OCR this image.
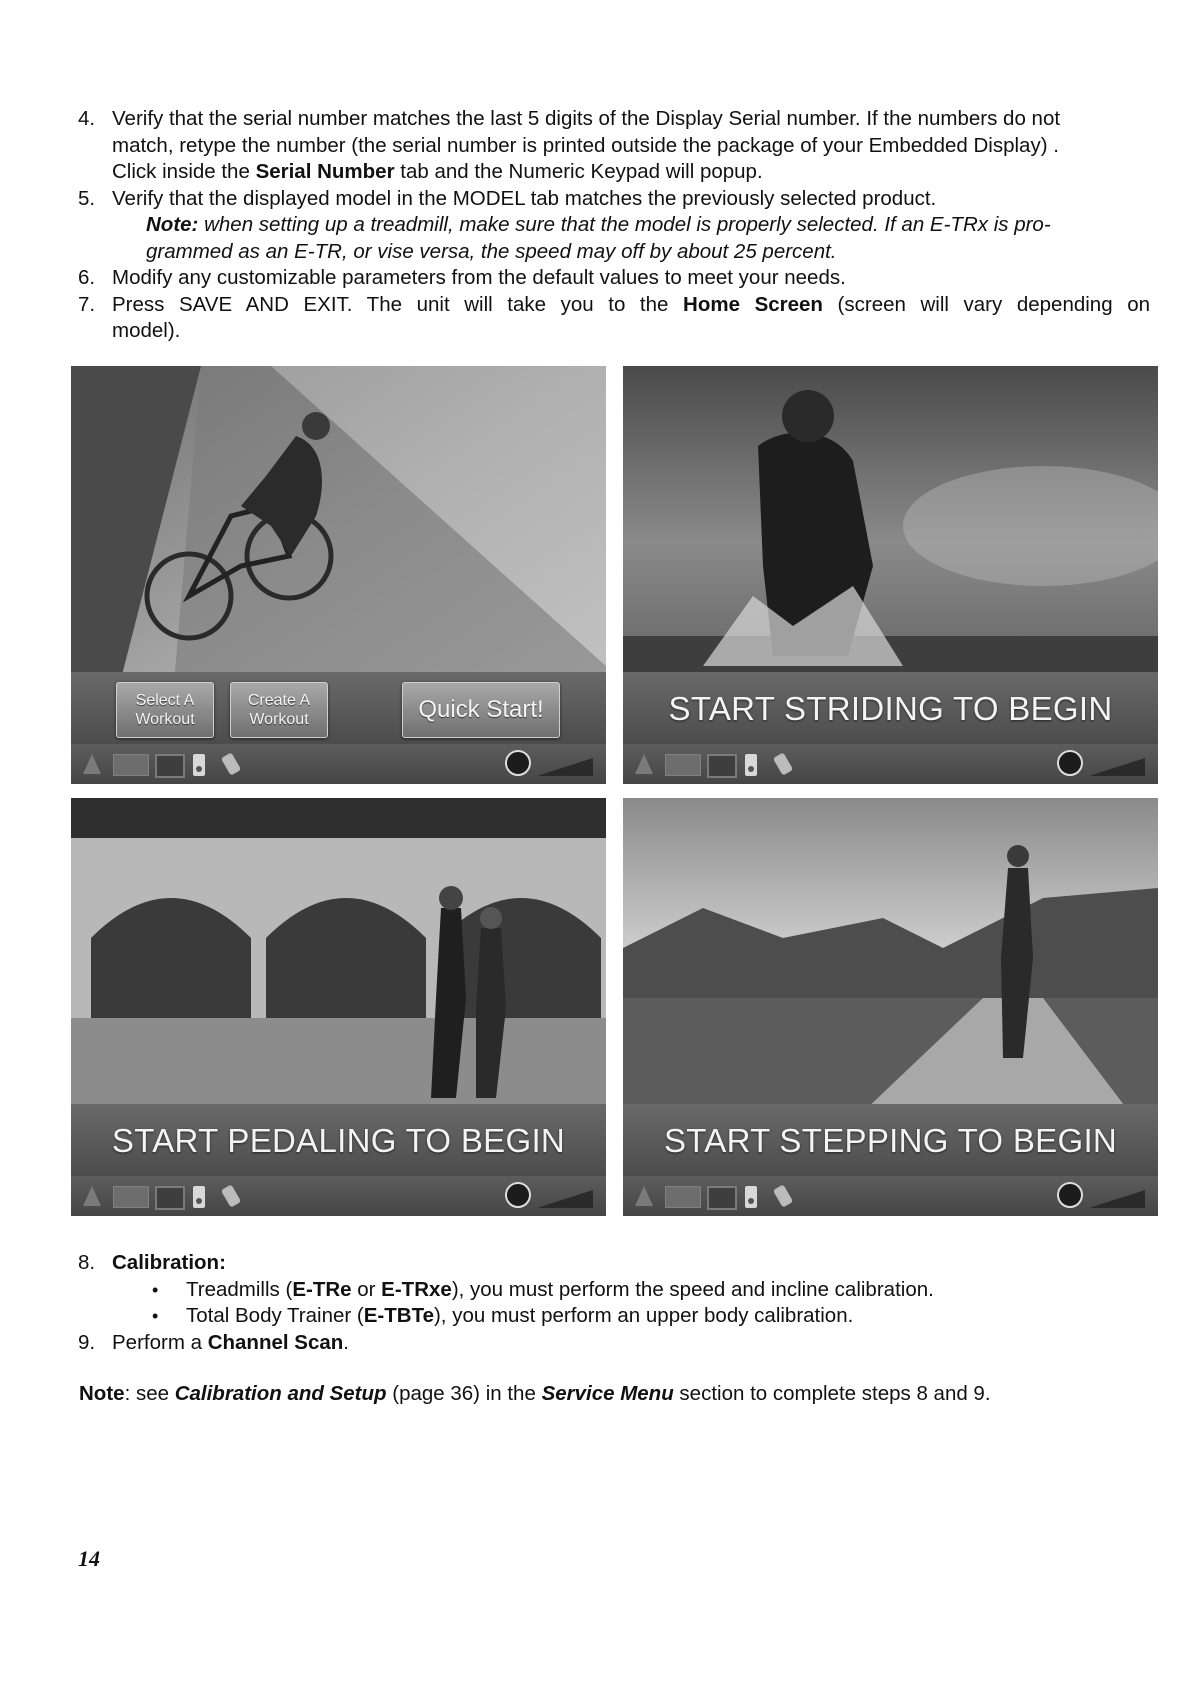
4. Verify that the serial number matches the last 5 digits of the Display Serial number. If the numbers do not
match, retype the number (the serial number is printed outside the package of your Embedded Display) .
Click inside the Serial Number tab and the Numeric Keypad will popup.
5. Verify that the displayed model in the MODEL tab matches the previously selected product.
Note: when setting up a treadmill, make sure that the model is properly selected. If an E-TRx is pro-
grammed as an E-TR, or vise versa, the speed may off by about 25 percent.
6. Modify any customizable parameters from the default values to meet your needs.
7. Press SAVE AND EXIT. The unit will take you to the Home Screen (screen will vary depending on
model).
Select A
Workout
Create A
Workout	Quick Start!	START STRIDING TO BEGIN
START PEDALING TO BEGIN	START STEPPING TO BEGIN
8. Calibration:
• Treadmills (E-TRe or E-TRxe), you must perform the speed and incline calibration.
• Total Body Trainer (E-TBTe), you must perform an upper body calibration.
9. Perform a Channel Scan.
Note: see Calibration and Setup (page 36) in the Service Menu section to complete steps 8 and 9.
14
